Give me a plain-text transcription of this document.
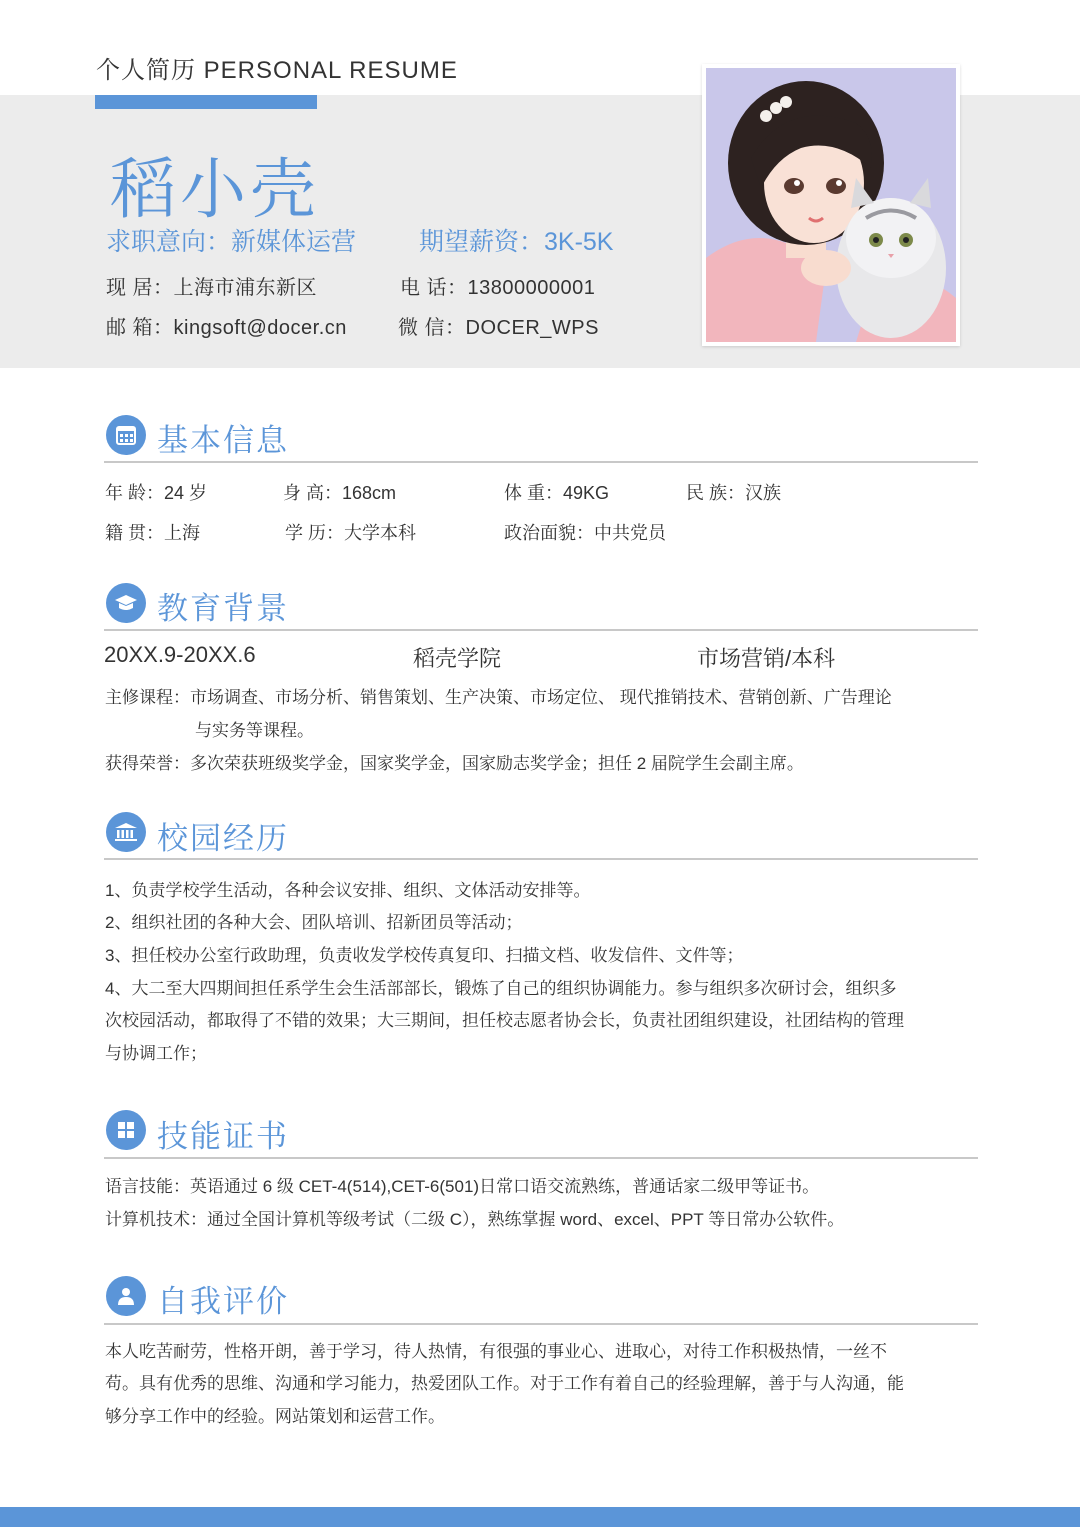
个人简历 PERSONAL RESUME
稻小壳
求职意向：新媒体运营	期望薪资：3K-5K
现 居：上海市浦东新区	电 话：13800000001
邮 箱：kingsoft@docer.cn	微 信：DOCER_WPS
基本信息
年 龄：24 岁	身 高：168cm	体 重：49KG	民 族：汉族
籍 贯：上海	学 历：大学本科	政治面貌：中共党员
教育背景
20XX.9-20XX.6	稻壳学院	市场营销/本科
主修课程：市场调查、市场分析、销售策划、生产决策、市场定位、 现代推销技术、营销创新、广告理论
与实务等课程。
获得荣誉：多次荣获班级奖学金，国家奖学金，国家励志奖学金；担任 2 届院学生会副主席。
校园经历
1、负责学校学生活动，各种会议安排、组织、文体活动安排等。
2、组织社团的各种大会、团队培训、招新团员等活动；
3、担任校办公室行政助理，负责收发学校传真复印、扫描文档、收发信件、文件等；
4、大二至大四期间担任系学生会生活部部长，锻炼了自己的组织协调能力。参与组织多次研讨会，组织多
次校园活动，都取得了不错的效果；大三期间，担任校志愿者协会长，负责社团组织建设，社团结构的管理
与协调工作；
技能证书
语言技能：英语通过 6 级 CET-4(514),CET-6(501)日常口语交流熟练，普通话家二级甲等证书。
计算机技术：通过全国计算机等级考试（二级 C），熟练掌握 word、excel、PPT 等日常办公软件。
自我评价
本人吃苦耐劳，性格开朗，善于学习，待人热情，有很强的事业心、进取心，对待工作积极热情，一丝不
苟。具有优秀的思维、沟通和学习能力，热爱团队工作。对于工作有着自己的经验理解，善于与人沟通，能
够分享工作中的经验。网站策划和运营工作。
